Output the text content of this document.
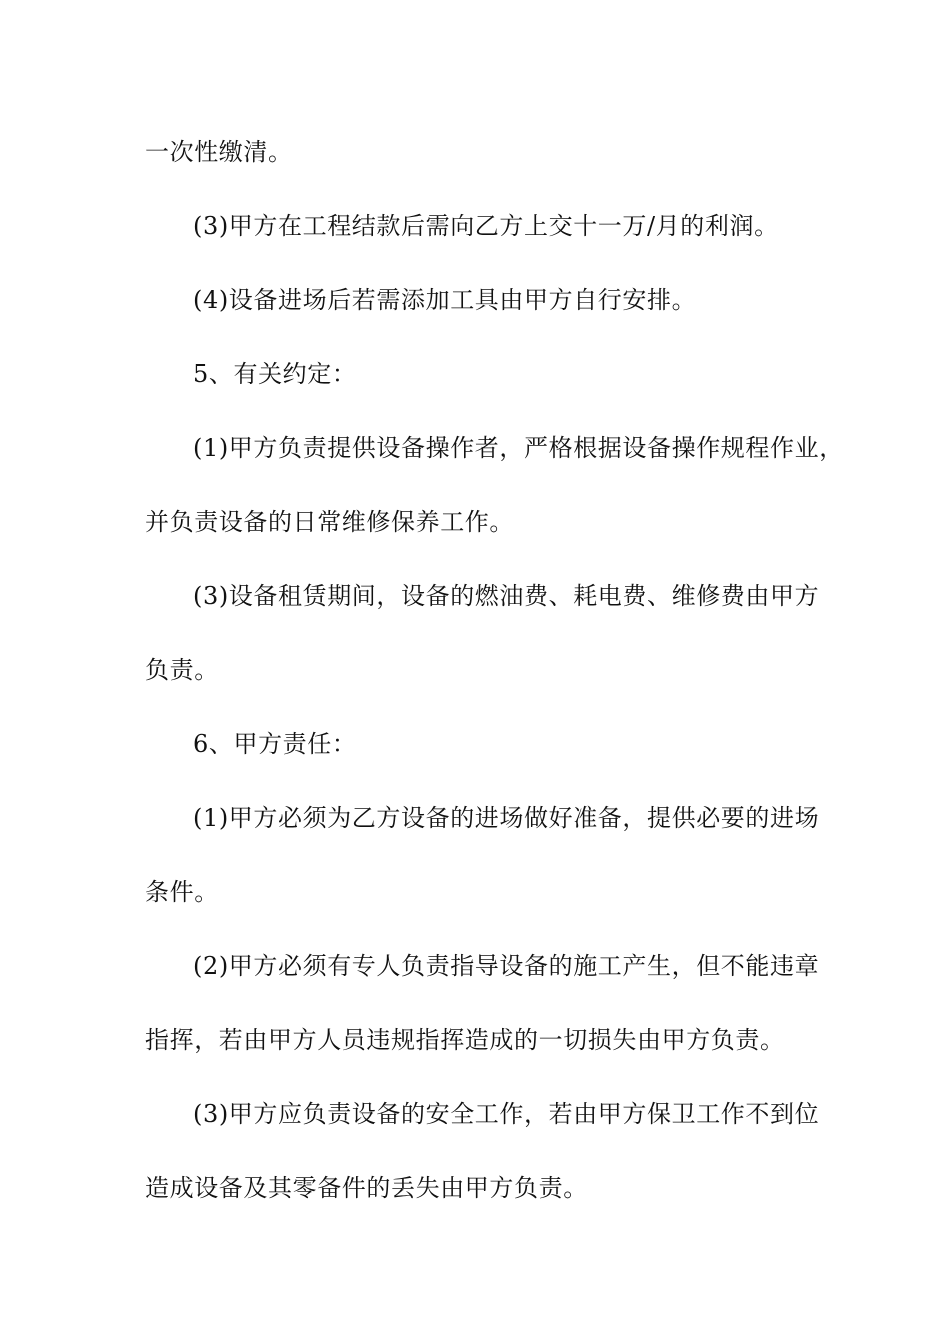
一次性缴清。
(3)甲方在工程结款后需向乙方上交十一万/月的利润。
(4)设备进场后若需添加工具由甲方自行安排。
5、有关约定：
(1)甲方负责提供设备操作者，严格根据设备操作规程作业，
并负责设备的日常维修保养工作。
(3)设备租赁期间，设备的燃油费、耗电费、维修费由甲方
负责。
6、甲方责任：
(1)甲方必须为乙方设备的进场做好准备，提供必要的进场
条件。
(2)甲方必须有专人负责指导设备的施工产生，但不能违章
指挥，若由甲方人员违规指挥造成的一切损失由甲方负责。
(3)甲方应负责设备的安全工作，若由甲方保卫工作不到位
造成设备及其零备件的丢失由甲方负责。
